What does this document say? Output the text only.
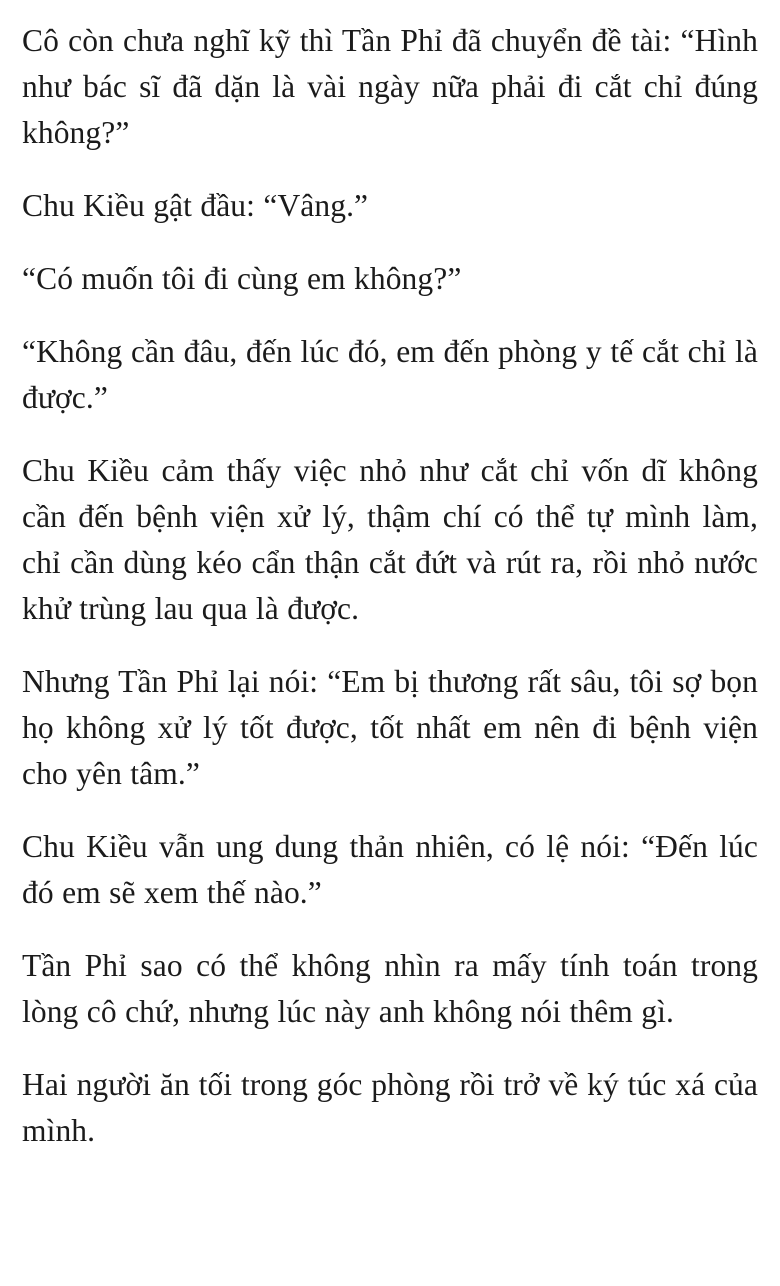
Cô còn chưa nghĩ kỹ thì Tần Phỉ đã chuyển đề tài: “Hình như bác sĩ đã dặn là vài ngày nữa phải đi cắt chỉ đúng không?”

Chu Kiều gật đầu: “Vâng.”

“Có muốn tôi đi cùng em không?”

“Không cần đâu, đến lúc đó, em đến phòng y tế cắt chỉ là được.”

Chu Kiều cảm thấy việc nhỏ như cắt chỉ vốn dĩ không cần đến bệnh viện xử lý, thậm chí có thể tự mình làm, chỉ cần dùng kéo cẩn thận cắt đứt và rút ra, rồi nhỏ nước khử trùng lau qua là được.

Nhưng Tần Phỉ lại nói: “Em bị thương rất sâu, tôi sợ bọn họ không xử lý tốt được, tốt nhất em nên đi bệnh viện cho yên tâm.”

Chu Kiều vẫn ung dung thản nhiên, có lệ nói: “Đến lúc đó em sẽ xem thế nào.”

Tần Phỉ sao có thể không nhìn ra mấy tính toán trong lòng cô chứ, nhưng lúc này anh không nói thêm gì.

Hai người ăn tối trong góc phòng rồi trở về ký túc xá của mình.
